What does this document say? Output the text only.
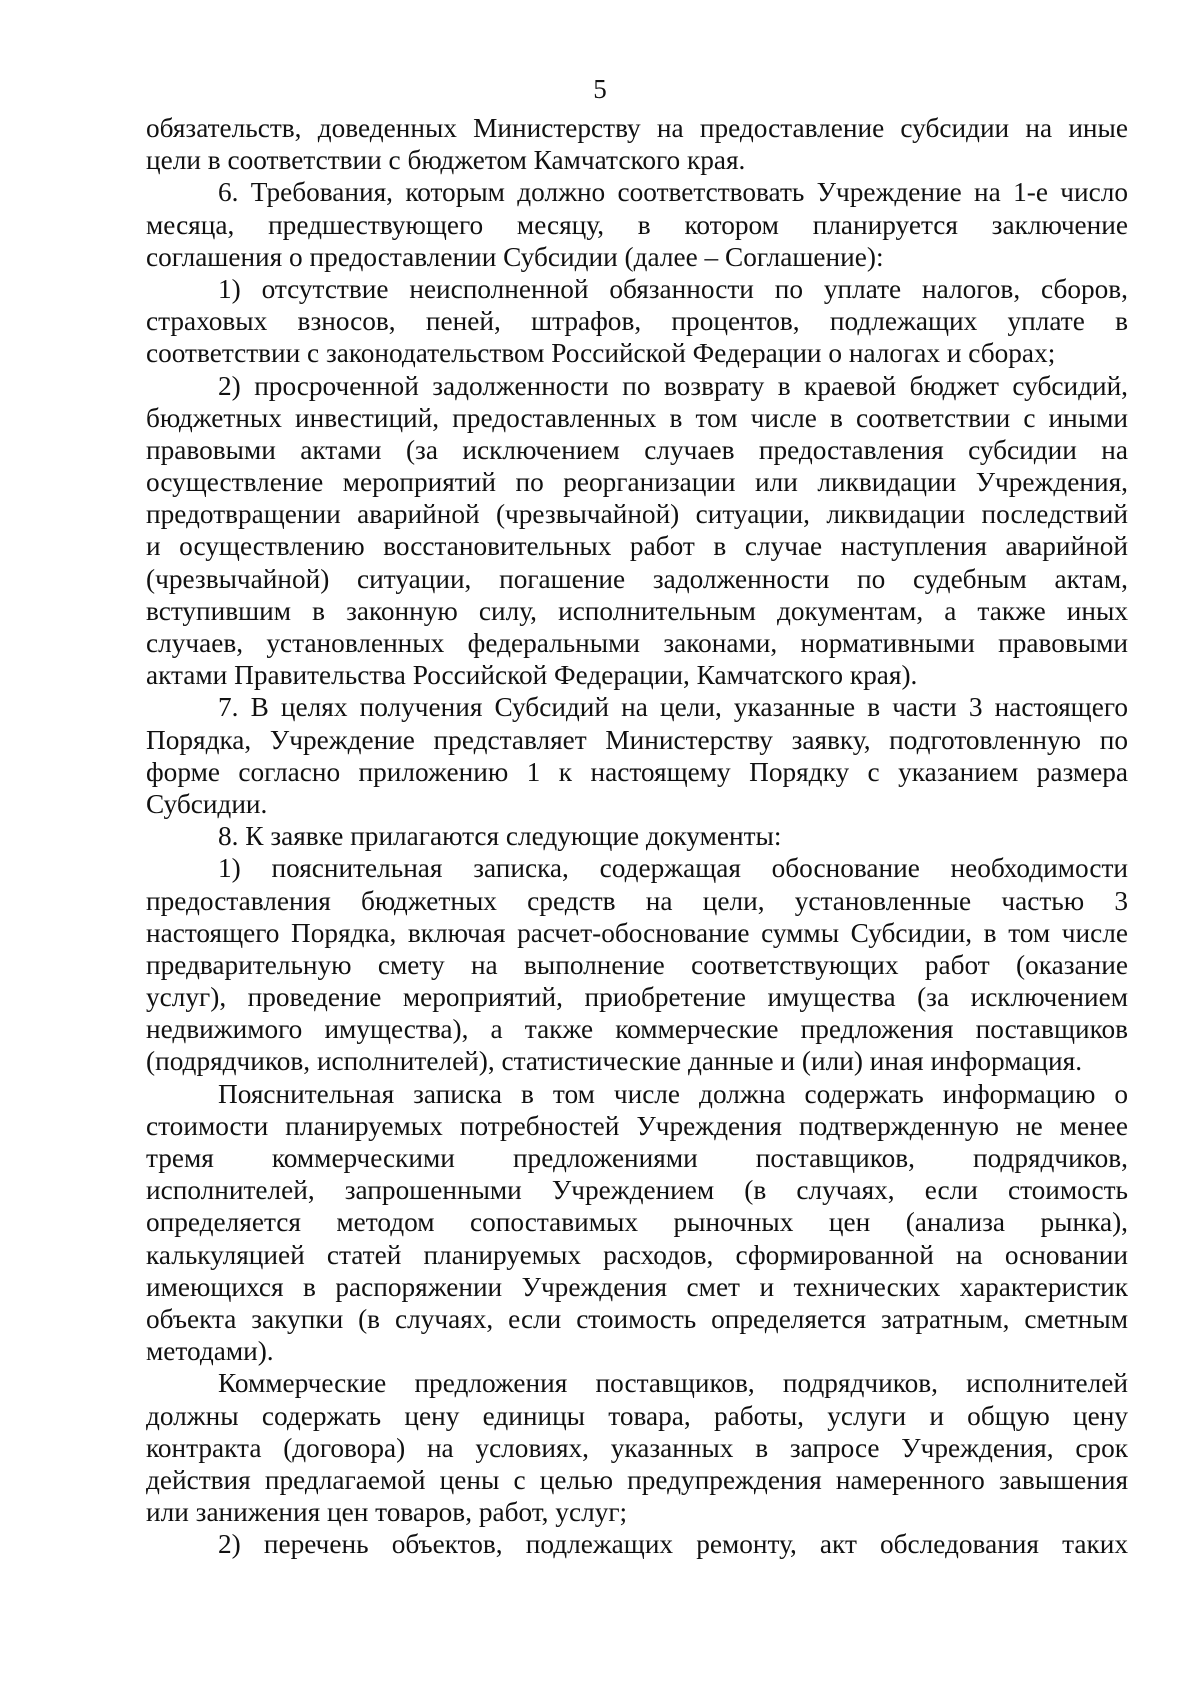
5
обязательств, доведенных Министерству на предоставление субсидии на иные
цели в соответствии с бюджетом Камчатского края.
6. Требования, которым должно соответствовать Учреждение на 1-е число
месяца, предшествующего месяцу, в котором планируется заключение
соглашения о предоставлении Субсидии (далее – Соглашение):
1) отсутствие неисполненной обязанности по уплате налогов, сборов,
страховых взносов, пеней, штрафов, процентов, подлежащих уплате в
соответствии с законодательством Российской Федерации о налогах и сборах;
2) просроченной задолженности по возврату в краевой бюджет субсидий,
бюджетных инвестиций, предоставленных в том числе в соответствии с иными
правовыми актами (за исключением случаев предоставления субсидии на
осуществление мероприятий по реорганизации или ликвидации Учреждения,
предотвращении аварийной (чрезвычайной) ситуации, ликвидации последствий
и осуществлению восстановительных работ в случае наступления аварийной
(чрезвычайной) ситуации, погашение задолженности по судебным актам,
вступившим в законную силу, исполнительным документам, а также иных
случаев, установленных федеральными законами, нормативными правовыми
актами Правительства Российской Федерации, Камчатского края).
7. В целях получения Субсидий на цели, указанные в части 3 настоящего
Порядка, Учреждение представляет Министерству заявку, подготовленную по
форме согласно приложению 1 к настоящему Порядку с указанием размера
Субсидии.
8. К заявке прилагаются следующие документы:
1) пояснительная записка, содержащая обоснование необходимости
предоставления бюджетных средств на цели, установленные частью 3
настоящего Порядка, включая расчет-обоснование суммы Субсидии, в том числе
предварительную смету на выполнение соответствующих работ (оказание
услуг), проведение мероприятий, приобретение имущества (за исключением
недвижимого имущества), а также коммерческие предложения поставщиков
(подрядчиков, исполнителей), статистические данные и (или) иная информация.
Пояснительная записка в том числе должна содержать информацию о
стоимости планируемых потребностей Учреждения подтвержденную не менее
тремя коммерческими предложениями поставщиков, подрядчиков,
исполнителей, запрошенными Учреждением (в случаях, если стоимость
определяется методом сопоставимых рыночных цен (анализа рынка),
калькуляцией статей планируемых расходов, сформированной на основании
имеющихся в распоряжении Учреждения смет и технических характеристик
объекта закупки (в случаях, если стоимость определяется затратным, сметным
методами).
Коммерческие предложения поставщиков, подрядчиков, исполнителей
должны содержать цену единицы товара, работы, услуги и общую цену
контракта (договора) на условиях, указанных в запросе Учреждения, срок
действия предлагаемой цены с целью предупреждения намеренного завышения
или занижения цен товаров, работ, услуг;
2) перечень объектов, подлежащих ремонту, акт обследования таких
